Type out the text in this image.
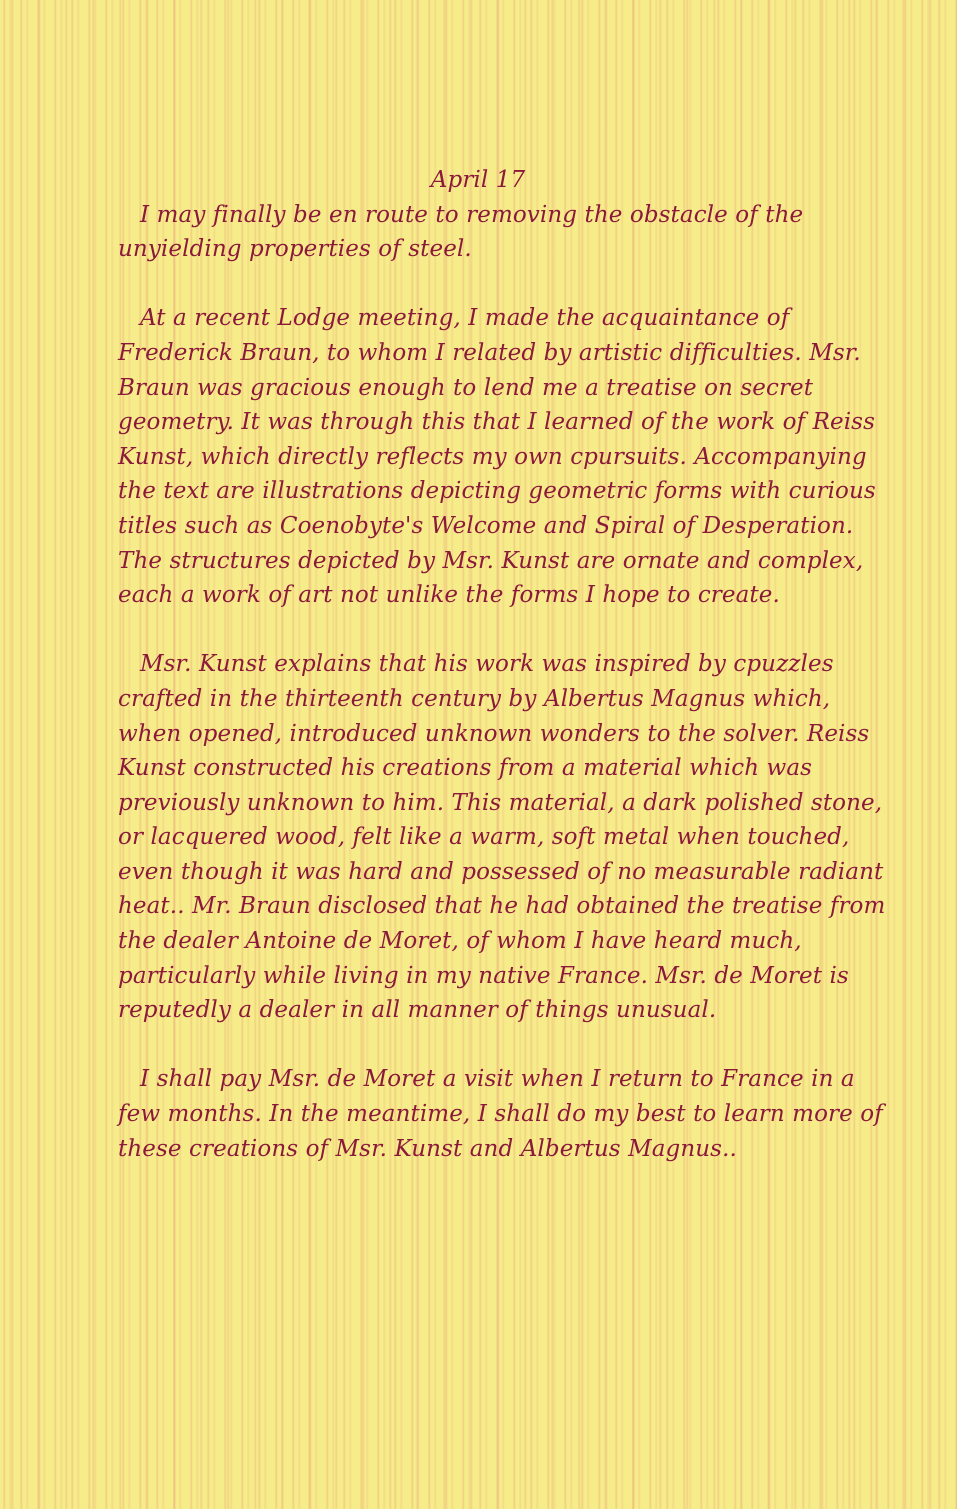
April 17

I may finally be en route to removing the obstacle of the unyielding properties of steel.

At a recent Lodge meeting, I made the acquaintance of Frederick Braun, to whom I related by artistic difficulties. Msr. Braun was gracious enough to lend me a treatise on secret geometry. It was through this that I learned of the work of Reiss Kunst, which directly reflects my own cpursuits. Accompanying the text are illustrations depicting geometric forms with curious titles such as Coenobyte's Welcome and Spiral of Desperation. The structures depicted by Msr. Kunst are ornate and complex, each a work of art not unlike the forms I hope to create.

Msr. Kunst explains that his work was inspired by cpuzzles crafted in the thirteenth century by Albertus Magnus which, when opened, introduced unknown wonders to the solver. Reiss Kunst constructed his creations from a material which was previously unknown to him. This material, a dark polished stone, or lacquered wood, felt like a warm, soft metal when touched, even though it was hard and possessed of no measurable radiant heat.. Mr. Braun disclosed that he had obtained the treatise from the dealer Antoine de Moret, of whom I have heard much, particularly while living in my native France. Msr. de Moret is reputedly a dealer in all manner of things unusual.

I shall pay Msr. de Moret a visit when I return to France in a few months. In the meantime, I shall do my best to learn more of these creations of Msr. Kunst and Albertus Magnus..
